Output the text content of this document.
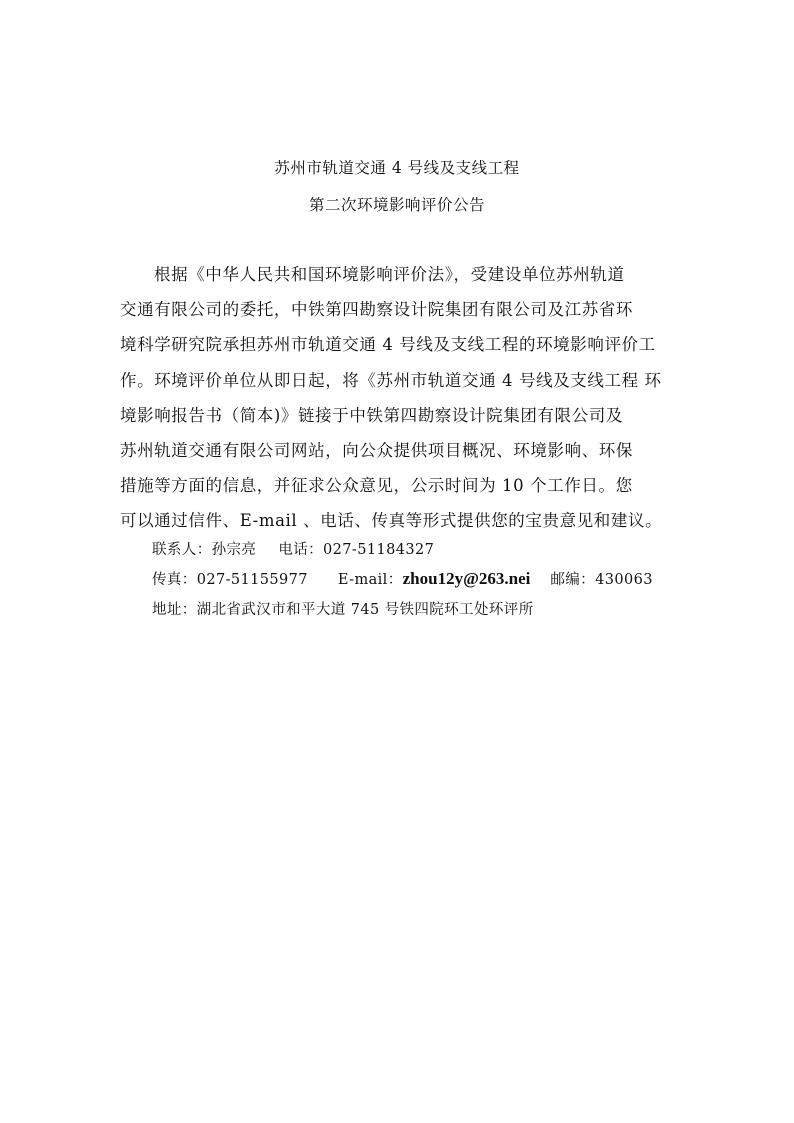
苏州市轨道交通 4 号线及支线工程
第二次环境影响评价公告
根据《中华人民共和国环境影响评价法》，受建设单位苏州轨道
交通有限公司的委托，中铁第四勘察设计院集团有限公司及江苏省环
境科学研究院承担苏州市轨道交通 4 号线及支线工程的环境影响评价工
作。环境评价单位从即日起，将《苏州市轨道交通 4 号线及支线工程 环
境影响报告书（简本)》链接于中铁第四勘察设计院集团有限公司及
苏州轨道交通有限公司网站，向公众提供项目概况、环境影响、环保
措施等方面的信息，并征求公众意见，公示时间为 10 个工作日。您
可以通过信件、E-mail 、电话、传真等形式提供您的宝贵意见和建议。
联系人：孙宗亮 电话：027-51184327
传真：027-51155977 E-mail：zhou12y@263.nei 邮编：430063
地址：湖北省武汉市和平大道 745 号铁四院环工处环评所
